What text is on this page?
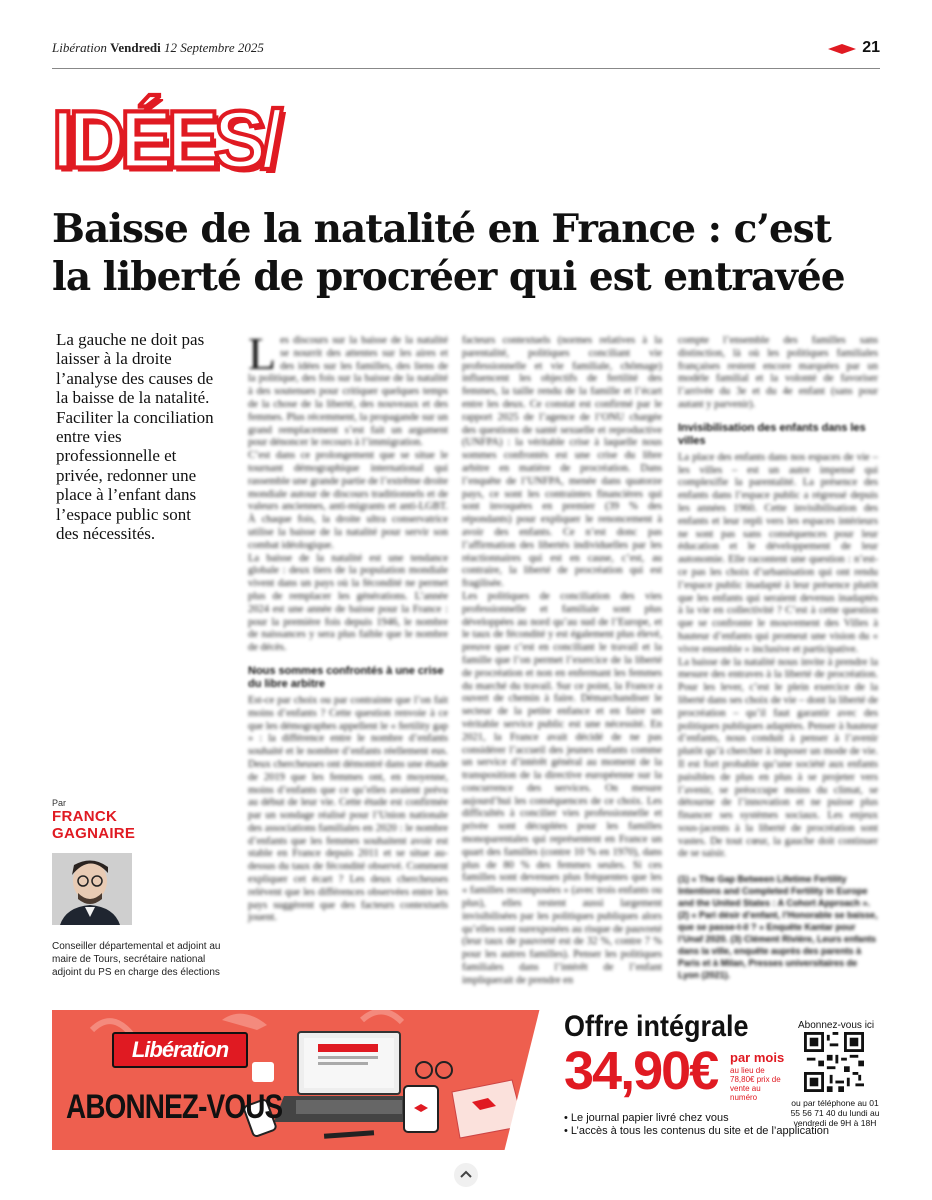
Libération Vendredi 12 Septembre 2025	21
IDÉES/
Baisse de la natalité en France : c’est
la liberté de procréer qui est entravée
La gauche ne doit pas laisser à la droite l’analyse des causes de la baisse de la natalité. Faciliter la conciliation entre vies professionnelle et privée, redonner une place à l’enfant dans l’espace public sont des nécessités.
Par
FRANCK
GAGNAIRE
Conseiller départemental et adjoint au maire de Tours, secrétaire national adjoint du PS en charge des élections
L es discours sur la baisse de la natalité se nourrit des attentes sur les aires et des idées sur les familles, des liens de la politique, des fois sur la baisse de la natalité à des soutenues pour critiquer quelques temps de la chose de la liberté, des nouveaux et des femmes. Plus récemment, la propagande sur un grand remplacement s’est fait un argument pour dénoncer le recours à l’immigration.

C’est dans ce prolongement que se situe le tournant démographique international qui rassemble une grande partie de l’extrême droite mondiale autour de discours traditionnels et de valeurs anciennes, anti-migrants et anti-LGBT. À chaque fois, la droite ultra conservatrice utilise la baisse de la natalité pour servir son combat idéologique.

La baisse de la natalité est une tendance globale : deux tiers de la population mondiale vivent dans un pays où la fécondité ne permet plus de remplacer les générations. L’année 2024 est une année de baisse pour la France : pour la première fois depuis 1946, le nombre de naissances y sera plus faible que le nombre de décès.

Nous sommes confrontés à une crise du libre arbitre

Est-ce par choix ou par contrainte que l’on fait moins d’enfants ? Cette question renvoie à ce que les démographes appellent le « fertility gap » : la différence entre le nombre d’enfants souhaité et le nombre d’enfants réellement eus. Deux chercheuses ont démontré dans une étude de 2019 que les femmes ont, en moyenne, moins d’enfants que ce qu’elles avaient prévu au début de leur vie. Cette étude est confirmée par un sondage réalisé pour l’Union nationale des associations familiales en 2020 : le nombre d’enfants que les femmes souhaitent avoir est stable en France depuis 2011 et se situe au-dessus du taux de fécondité observé. Comment expliquer cet écart ? Les deux chercheuses relèvent que les différences observées entre les pays suggèrent que des facteurs contextuels jouent.

facteurs contextuels (normes relatives à la parentalité, politiques conciliant vie professionnelle et vie familiale, chômage) influencent les objectifs de fertilité des femmes, la taille rendu de la famille et l’écart entre les deux. Ce constat est confirmé par le rapport 2025 de l’agence de l’ONU chargée des questions de santé sexuelle et reproductive (UNFPA) : la véritable crise à laquelle nous sommes confrontés est une crise du libre arbitre en matière de procréation. Dans l’enquête de l’UNFPA, menée dans quatorze pays, ce sont les contraintes financières qui sont invoquées en premier (39 % des répondants) pour expliquer le renoncement à avoir des enfants. Ce n’est donc pas l’affirmation des libertés individuelles par les réactionnaires qui est en cause, c’est, au contraire, la liberté de procréation qui est fragilisée.

Les politiques de conciliation des vies professionnelle et familiale sont plus développées au nord qu’au sud de l’Europe, et le taux de fécondité y est également plus élevé, preuve que c’est en conciliant le travail et la famille que l’on permet l’exercice de la liberté de procréation et non en enfermant les femmes du marché du travail. Sur ce point, la France a ouvert de chemin à faire. Démarchandiser le secteur de la petite enfance et en faire un véritable service public est une nécessité. En 2021, la France avait décidé de ne pas considérer l’accueil des jeunes enfants comme un service d’intérêt général au moment de la transposition de la directive européenne sur la concurrence des services. On mesure aujourd’hui les conséquences de ce choix. Les difficultés à concilier vies professionnelle et privée sont décuplées pour les familles monoparentales qui représentent en France un quart des familles (contre 10 % en 1970), dans plus de 80 % des femmes seules. Si ces familles sont devenues plus fréquentes que les « familles recomposées » (avec trois enfants ou plus), elles restent aussi largement invisibilisées par les politiques publiques alors qu’elles sont surexposées au risque de pauvreté (leur taux de pauvreté est de 32 %, contre 7 % pour les autres familles). Penser les politiques familiales dans l’intérêt de l’enfant impliquerait de prendre en

compte l’ensemble des familles sans distinction, là où les politiques familiales françaises restent encore marquées par un modèle familial et la volonté de favoriser l’arrivée du 3e et du 4e enfant (sans pour autant y parvenir).

Invisibilisation des enfants dans les villes

La place des enfants dans nos espaces de vie – les villes – est un autre impensé qui complexifie la parentalité. La présence des enfants dans l’espace public a régressé depuis les années 1960. Cette invisibilisation des enfants et leur repli vers les espaces intérieurs ne sont pas sans conséquences pour leur éducation et le développement de leur autonomie. Elle racontent une question : n’est-ce pas les choix d’urbanisation qui ont rendu l’espace public inadapté à leur présence plutôt que les enfants qui seraient devenus inadaptés à la vie en collectivité ? C’est à cette question que se confronte le mouvement des Villes à hauteur d’enfants qui promeut une vision du « vivre ensemble » inclusive et participative.

La baisse de la natalité nous invite à prendre la mesure des entraves à la liberté de procréation. Pour les lever, c’est le plein exercice de la liberté dans ses choix de vie – dont la liberté de procréation – qu’il faut garantir avec des politiques publiques adaptées. Penser à hauteur d’enfants, nous conduit à penser à l’avenir plutôt qu’à chercher à imposer un mode de vie. Il est fort probable qu’une société aux enfants paisibles de plus en plus à se projeter vers l’avenir, se préoccupe moins du climat, se détourne de l’innovation et ne puisse plus financer ses systèmes sociaux. Les enjeux sous-jacents à la liberté de procréation sont vastes. De tout cœur, la gauche doit continuer de se saisir.

(1) « The Gap Between Lifetime Fertility Intentions and Completed Fertility in Europe and the United States : A Cohort Approach ». (2) « Pari désir d’enfant, l’Honorable se baisse, que se passe-t-il ? » Enquête Kantar pour l’Unaf 2020. (3) Clément Rivière, Leurs enfants dans la ville, enquête auprès des parents à Paris et à Milan, Presses universitaires de Lyon (2021).
Libération
ABONNEZ-VOUS
Offre intégrale
34,90€ par mois
au lieu de 78,80€ prix de vente au numéro
• Le journal papier livré chez vous
• L’accès à tous les contenus du site et de l’application
Abonnez-vous ici
ou par téléphone au 01 55 56 71 40 du lundi au vendredi de 9H à 18H
